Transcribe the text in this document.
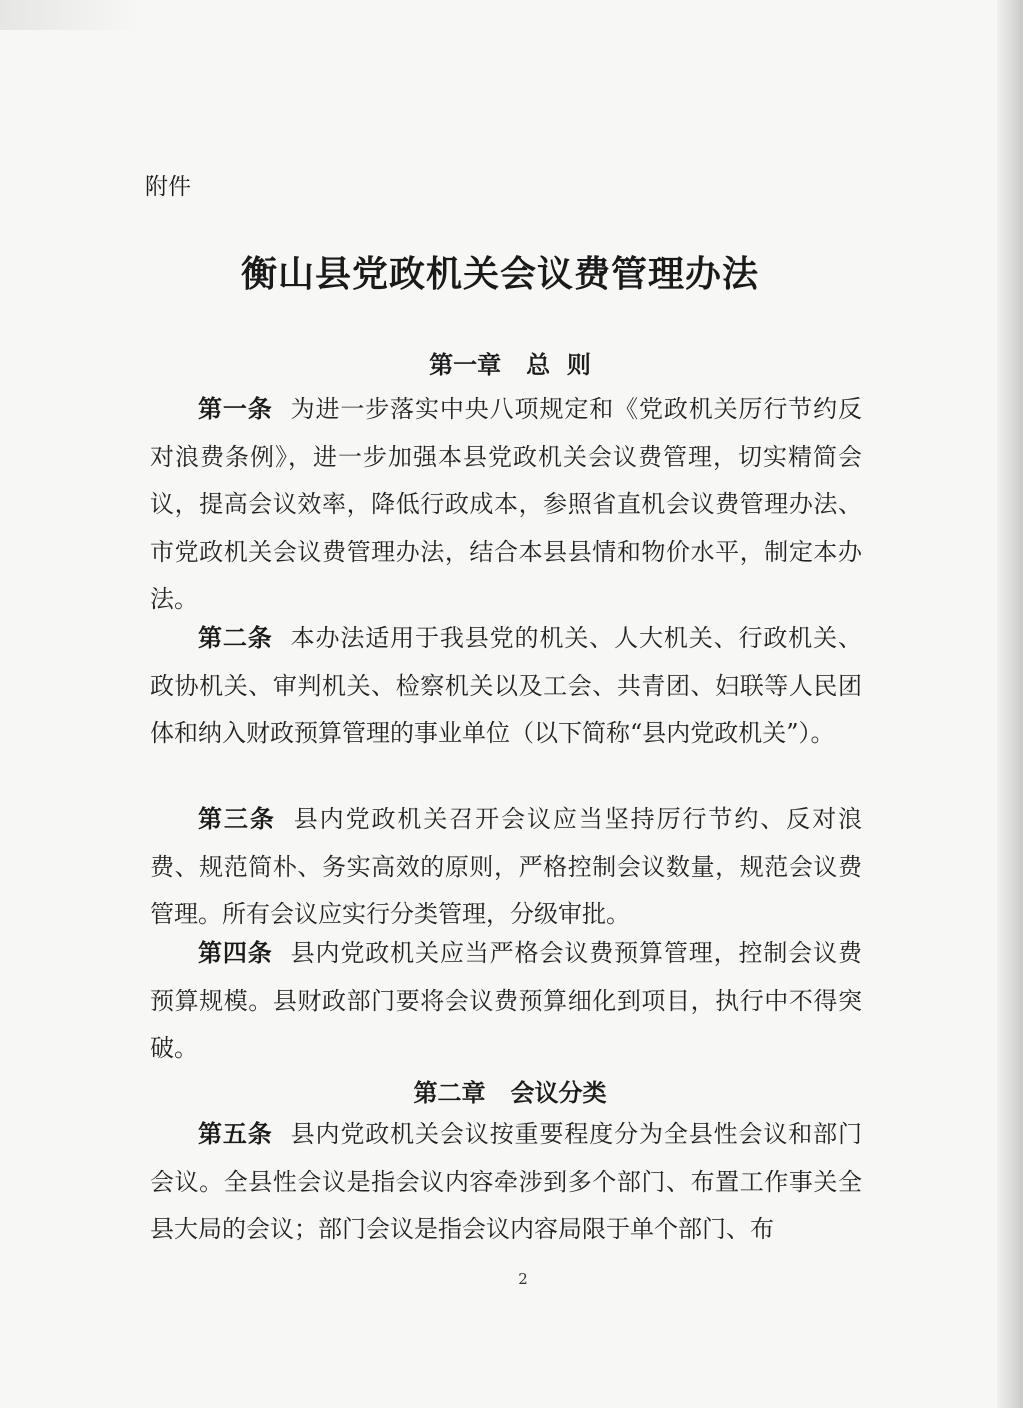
附件
衡山县党政机关会议费管理办法
第一章   总  则

第一条 为进一步落实中央八项规定和《党政机关厉行节约反对浪费条例》，进一步加强本县党政机关会议费管理，切实精简会议，提高会议效率，降低行政成本，参照省直机会议费管理办法、市党政机关会议费管理办法，结合本县县情和物价水平，制定本办法。

第二条 本办法适用于我县党的机关、人大机关、行政机关、政协机关、审判机关、检察机关以及工会、共青团、妇联等人民团体和纳入财政预算管理的事业单位（以下简称“县内党政机关”）。

第三条 县内党政机关召开会议应当坚持厉行节约、反对浪费、规范简朴、务实高效的原则，严格控制会议数量，规范会议费管理。所有会议应实行分类管理，分级审批。

第四条 县内党政机关应当严格会议费预算管理，控制会议费预算规模。县财政部门要将会议费预算细化到项目，执行中不得突破。

第二章   会议分类

第五条 县内党政机关会议按重要程度分为全县性会议和部门会议。全县性会议是指会议内容牵涉到多个部门、布置工作事关全县大局的会议；部门会议是指会议内容局限于单个部门、布

2
